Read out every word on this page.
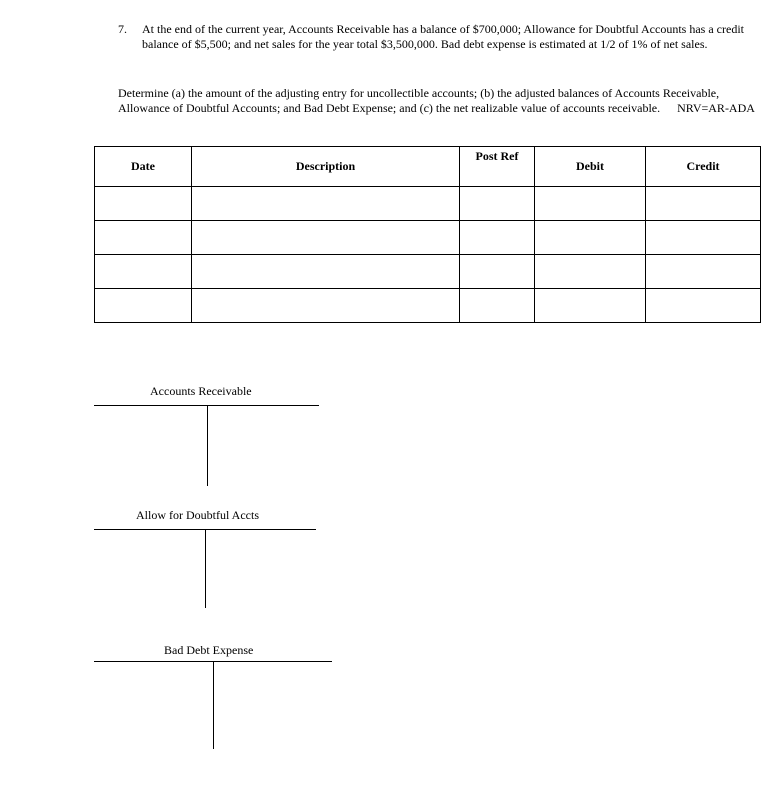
7. At the end of the current year, Accounts Receivable has a balance of $700,000; Allowance for Doubtful Accounts has a credit balance of $5,500; and net sales for the year total $3,500,000. Bad debt expense is estimated at 1/2 of 1% of net sales.
Determine (a) the amount of the adjusting entry for uncollectible accounts; (b) the adjusted balances of Accounts Receivable, Allowance of Doubtful Accounts; and Bad Debt Expense; and (c) the net realizable value of accounts receivable. NRV=AR-ADA
Date	Description	Post Ref	Debit	Credit

Accounts Receivable
Allow for Doubtful Accts
Bad Debt Expense
